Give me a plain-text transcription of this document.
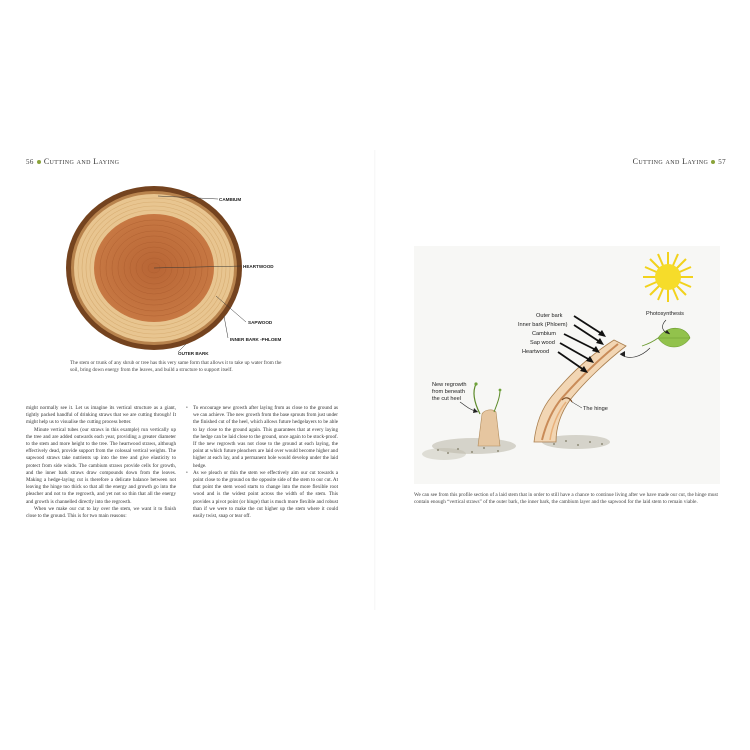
56 Cutting and Laying
CAMBIUM
HEARTWOOD
SAPWOOD
INNER BARK -PHLOEM
OUTER BARK
The stem or trunk of any shrub or tree has this very same form that allows it to take up water from the soil, bring down energy from the leaves, and build a structure to support itself.

might normally see it. Let us imagine its vertical structure as a giant, tightly packed handful of drinking straws that we are cutting through! It might help us to visualise the cutting process better.

Minute vertical tubes (our straws in this example) run vertically up the tree and are added outwards each year, providing a greater diameter to the stem and more height to the tree. The heartwood straws, although effectively dead, provide support from the colossal vertical weights. The sapwood straws take nutrients up into the tree and give elasticity to protect from side winds. The cambium straws provide cells for growth, and the inner bark straws draw compounds down from the leaves. Making a hedge-laying cut is therefore a delicate balance between not leaving the hinge too thick so that all the energy and growth go into the pleacher and not to the regrowth, and yet not so thin that all the energy and growth is channelled directly into the regrowth.

When we make our cut to lay over the stem, we want it to finish close to the ground. This is for two main reasons:

• To encourage new growth after laying from as close to the ground as we can achieve. The new growth from the base sprouts from just under the finished cut of the heel, which allows future hedgelayers to be able to lay close to the ground again. This guarantees that at every laying the hedge can be laid close to the ground, once again to be stock-proof. If the new regrowth was not close to the ground at each laying, the point at which future pleachers are laid over would become higher and higher at each lay, and a permanent hole would develop under the laid hedge.
• As we pleach or thin the stem we effectively aim our cut towards a point close to the ground on the opposite side of the stem to our cut. At that point the stem wood starts to change into the more flexible root wood and is the widest point across the width of the stem. This provides a pivot point (or hinge) that is much more flexible and robust than if we were to make the cut higher up the stem where it could easily twist, snap or tear off.
Cutting and Laying 57
Photosynthesis
The hinge
Outer bark
Inner bark (Phloem)
Cambium
Sap wood
Heartwood
New regrowth
from beneath
the cut heel
We can see from this profile section of a laid stem that in order to still have a chance to continue living after we have made our cut, the hinge must contain enough “vertical straws” of the outer bark, the inner bark, the cambium layer and the sapwood for the laid stem to remain viable.
